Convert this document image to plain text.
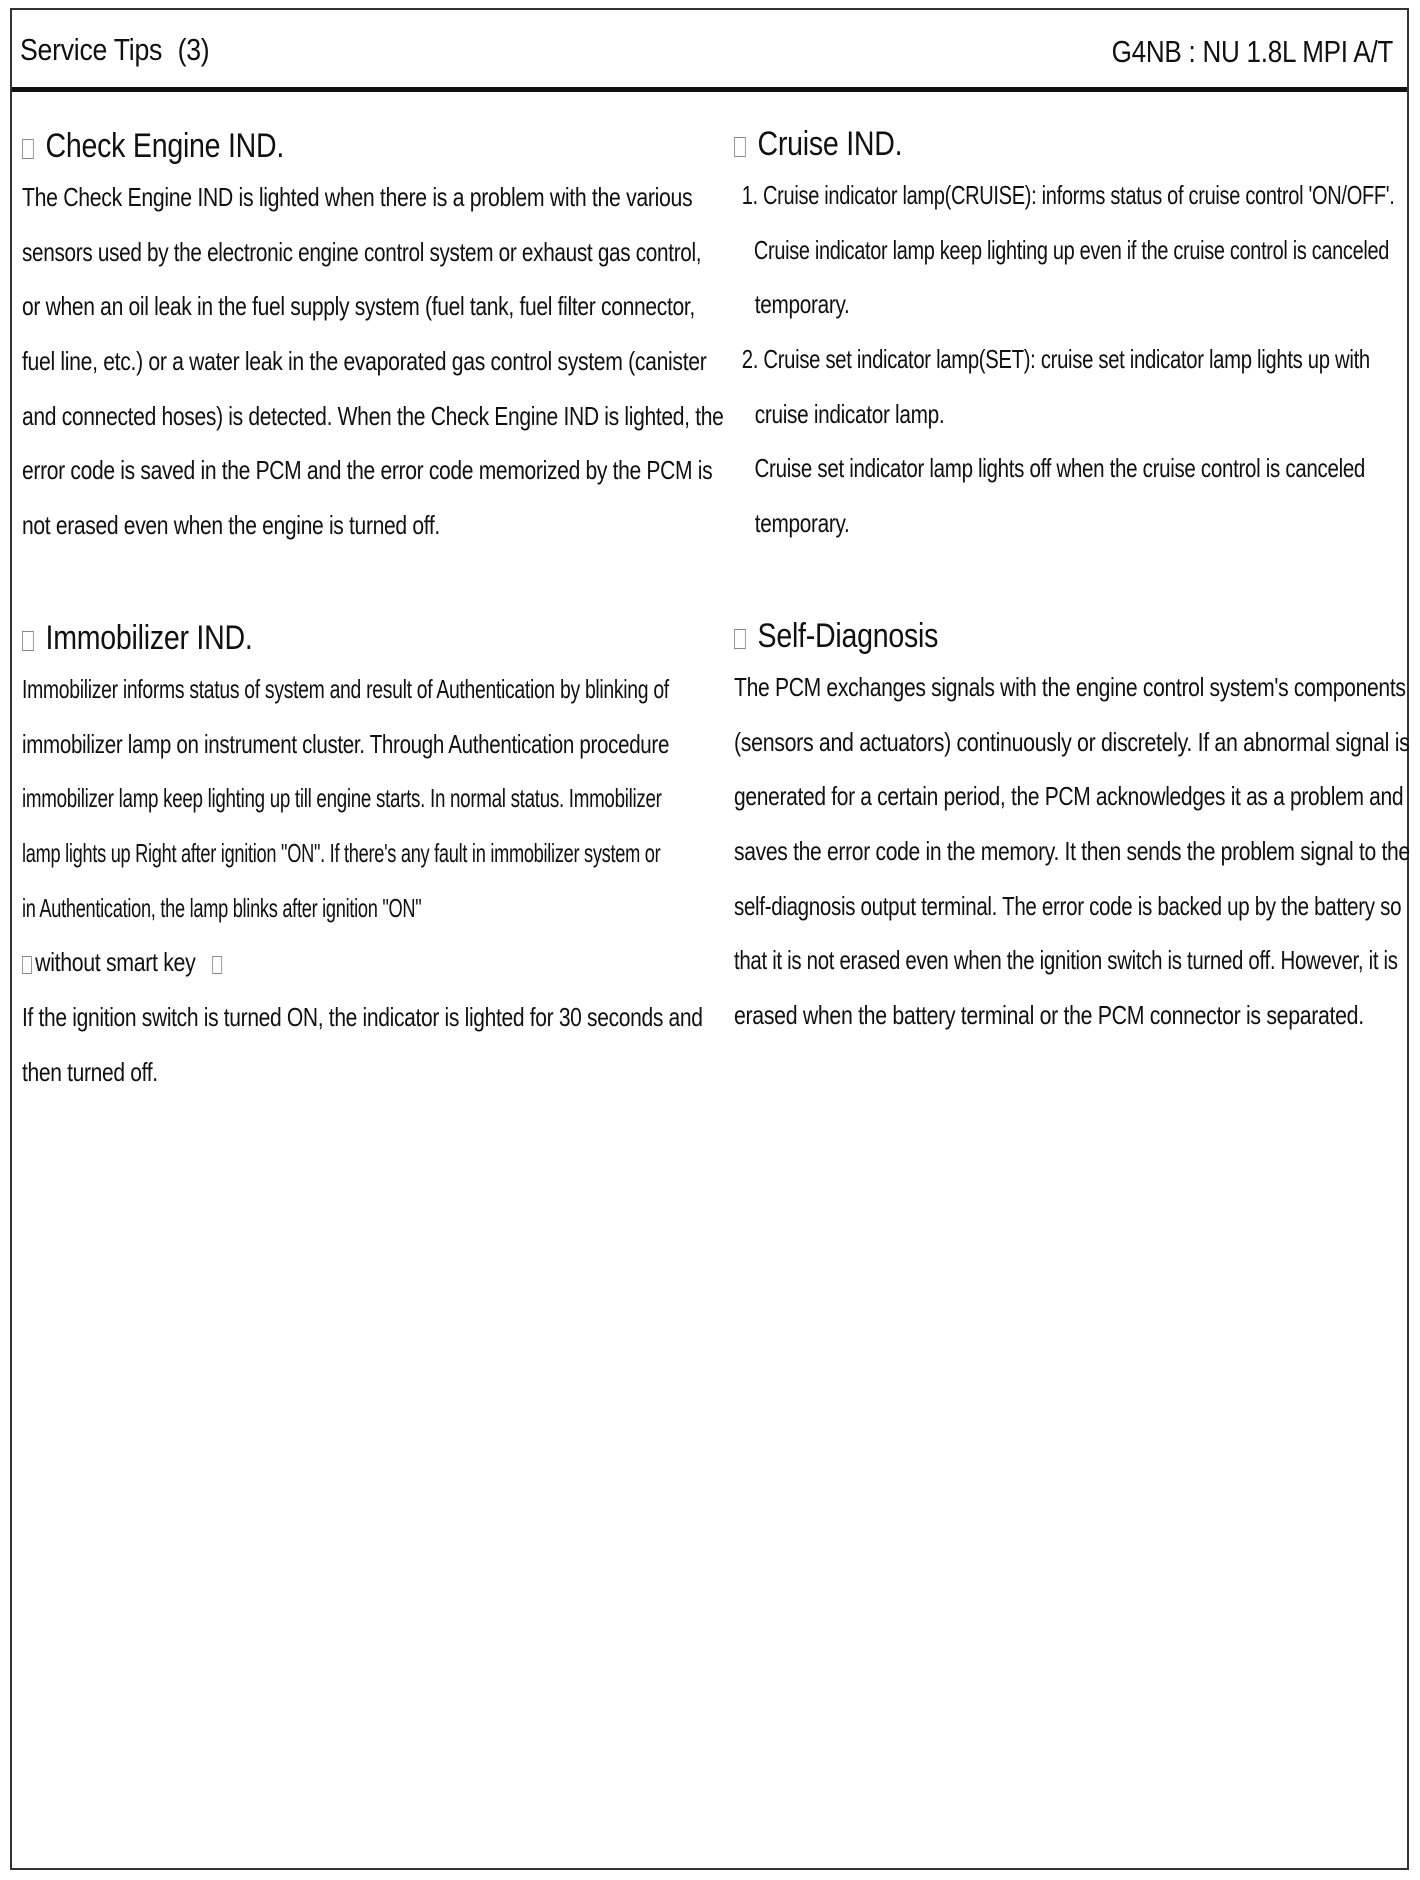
Service Tips (3)	G4NB : NU 1.8L MPI A/T
Check Engine IND.
The Check Engine IND is lighted when there is a problem with the various
sensors used by the electronic engine control system or exhaust gas control,
or when an oil leak in the fuel supply system (fuel tank, fuel filter connector,
fuel line, etc.) or a water leak in the evaporated gas control system (canister
and connected hoses) is detected. When the Check Engine IND is lighted, the
error code is saved in the PCM and the error code memorized by the PCM is
not erased even when the engine is turned off.
Immobilizer IND.
Immobilizer informs status of system and result of Authentication by blinking of
immobilizer lamp on instrument cluster. Through Authentication procedure
immobilizer lamp keep lighting up till engine starts. In normal status. Immobilizer
lamp lights up Right after ignition "ON". If there's any fault in immobilizer system or
in Authentication, the lamp blinks after ignition "ON"
without smart key
If the ignition switch is turned ON, the indicator is lighted for 30 seconds and
then turned off.
Cruise IND.
1. Cruise indicator lamp(CRUISE): informs status of cruise control 'ON/OFF'.
Cruise indicator lamp keep lighting up even if the cruise control is canceled
temporary.
2. Cruise set indicator lamp(SET): cruise set indicator lamp lights up with
cruise indicator lamp.
Cruise set indicator lamp lights off when the cruise control is canceled
temporary.
Self-Diagnosis
The PCM exchanges signals with the engine control system's components
(sensors and actuators) continuously or discretely. If an abnormal signal is
generated for a certain period, the PCM acknowledges it as a problem and
saves the error code in the memory. It then sends the problem signal to the
self-diagnosis output terminal. The error code is backed up by the battery so
that it is not erased even when the ignition switch is turned off. However, it is
erased when the battery terminal or the PCM connector is separated.
